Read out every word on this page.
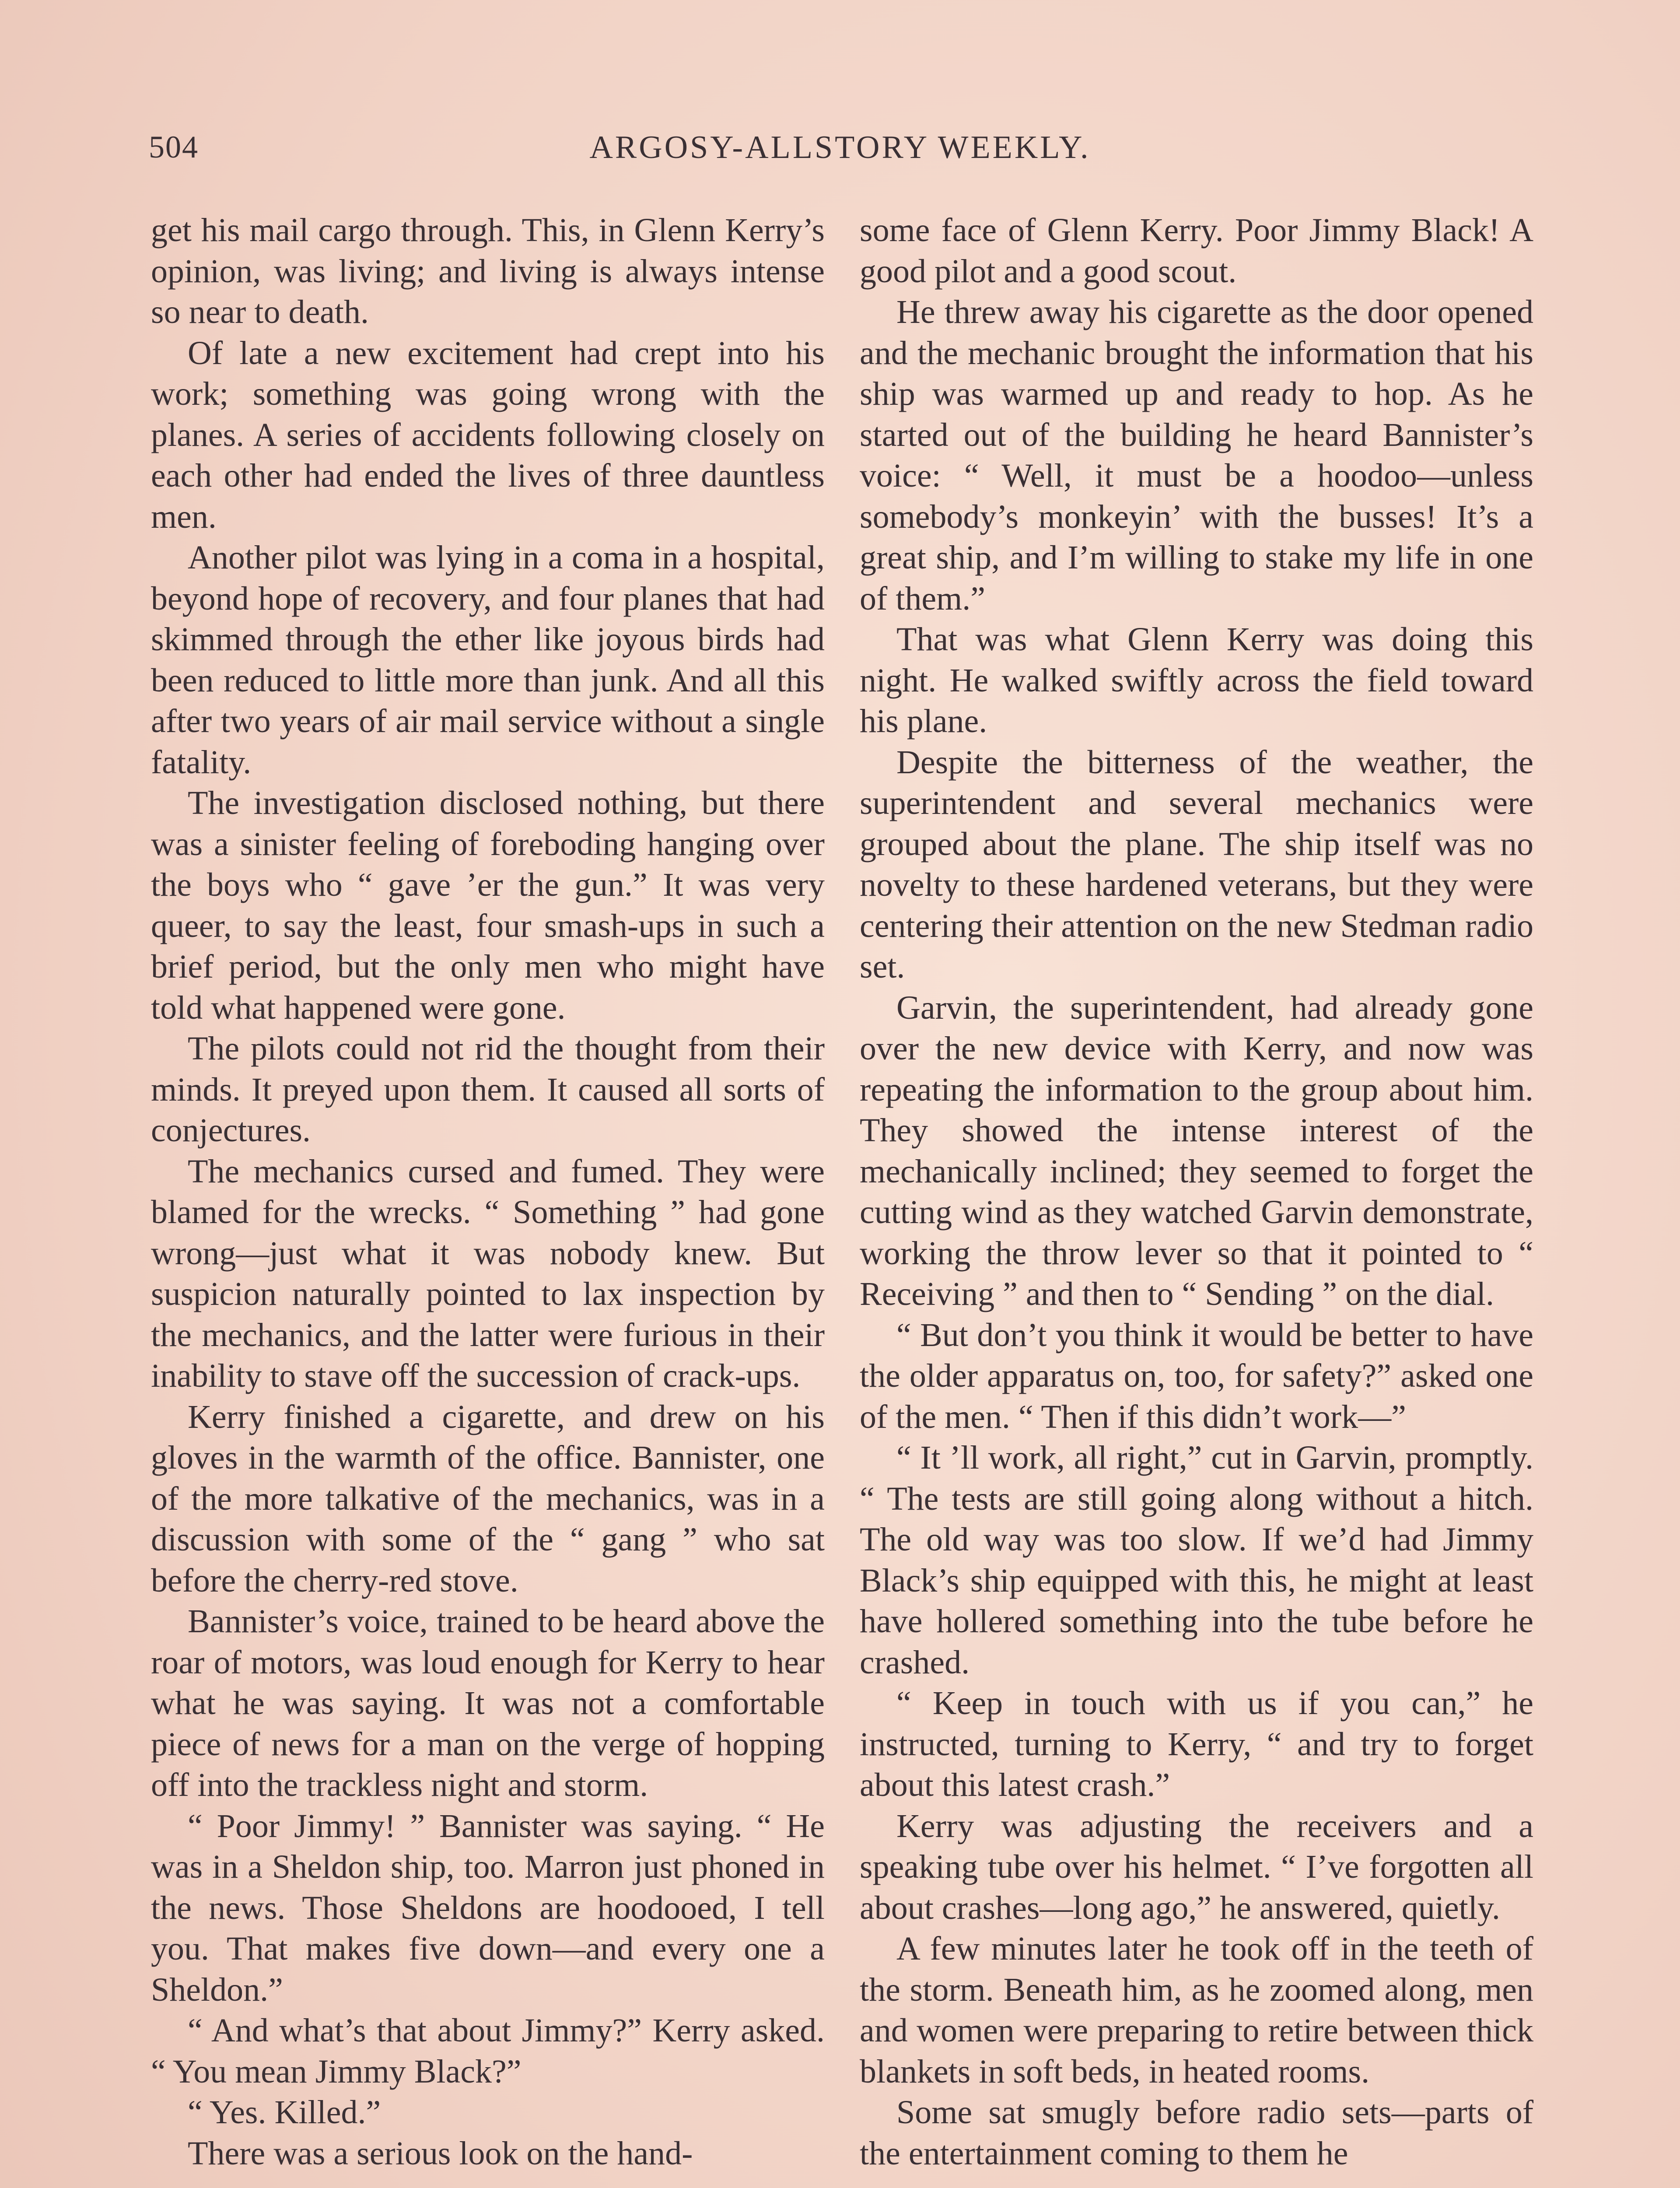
504	ARGOSY-ALLSTORY WEEKLY.

get his mail cargo through. This, in Glenn Kerry’s opinion, was living; and living is always intense so near to death.

Of late a new excitement had crept into his work; something was going wrong with the planes. A series of accidents following closely on each other had ended the lives of three dauntless men.

Another pilot was lying in a coma in a hospital, beyond hope of recovery, and four planes that had skimmed through the ether like joyous birds had been reduced to little more than junk. And all this after two years of air mail service without a single fatality.

The investigation disclosed nothing, but there was a sinister feeling of foreboding hanging over the boys who “ gave ’er the gun.” It was very queer, to say the least, four smash-ups in such a brief period, but the only men who might have told what happened were gone.

The pilots could not rid the thought from their minds. It preyed upon them. It caused all sorts of conjectures.

The mechanics cursed and fumed. They were blamed for the wrecks. “ Something ” had gone wrong—just what it was nobody knew. But suspicion naturally pointed to lax inspection by the mechanics, and the latter were furious in their inability to stave off the succession of crack-ups.

Kerry finished a cigarette, and drew on his gloves in the warmth of the office. Bannister, one of the more talkative of the mechanics, was in a discussion with some of the “ gang ” who sat before the cherry-red stove.

Bannister’s voice, trained to be heard above the roar of motors, was loud enough for Kerry to hear what he was saying. It was not a comfortable piece of news for a man on the verge of hopping off into the trackless night and storm.

“ Poor Jimmy! ” Bannister was saying. “ He was in a Sheldon ship, too. Marron just phoned in the news. Those Sheldons are hoodooed, I tell you. That makes five down—and every one a Sheldon.”

“ And what’s that about Jimmy?” Kerry asked. “ You mean Jimmy Black?”

“ Yes. Killed.”

There was a serious look on the hand-

some face of Glenn Kerry. Poor Jimmy Black! A good pilot and a good scout.

He threw away his cigarette as the door opened and the mechanic brought the information that his ship was warmed up and ready to hop. As he started out of the building he heard Bannister’s voice: “ Well, it must be a hoodoo—unless somebody’s monkeyin’ with the busses! It’s a great ship, and I’m willing to stake my life in one of them.”

That was what Glenn Kerry was doing this night. He walked swiftly across the field toward his plane.

Despite the bitterness of the weather, the superintendent and several mechanics were grouped about the plane. The ship itself was no novelty to these hardened veterans, but they were centering their attention on the new Stedman radio set.

Garvin, the superintendent, had already gone over the new device with Kerry, and now was repeating the information to the group about him. They showed the intense interest of the mechanically inclined; they seemed to forget the cutting wind as they watched Garvin demonstrate, working the throw lever so that it pointed to “ Receiving ” and then to “ Sending ” on the dial.

“ But don’t you think it would be better to have the older apparatus on, too, for safety?” asked one of the men. “ Then if this didn’t work—”

“ It ’ll work, all right,” cut in Garvin, promptly. “ The tests are still going along without a hitch. The old way was too slow. If we’d had Jimmy Black’s ship equipped with this, he might at least have hollered something into the tube before he crashed.

“ Keep in touch with us if you can,” he instructed, turning to Kerry, “ and try to forget about this latest crash.”

Kerry was adjusting the receivers and a speaking tube over his helmet. “ I’ve forgotten all about crashes—long ago,” he answered, quietly.

A few minutes later he took off in the teeth of the storm. Beneath him, as he zoomed along, men and women were preparing to retire between thick blankets in soft beds, in heated rooms.

Some sat smugly before radio sets—parts of the entertainment coming to them he
